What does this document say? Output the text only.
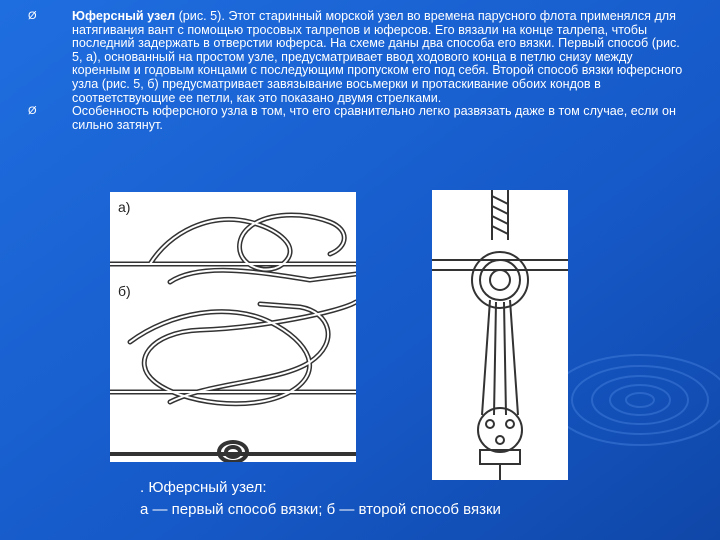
Ø	Юферсный узел (рис. 5). Этот старинный морской узел во времена парусного флота применялся для натягивания вант с помощью тросовых талрепов и юферсов. Его вязали на конце талрепа, чтобы последний задержать в отверстии юферса. На схеме даны два способа его вязки. Первый способ (рис. 5, а), основанный на простом узле, предусматривает ввод ходового конца в петлю снизу между коренным и годовым концами с последующим пропуском его под себя. Второй способ вязки юферсного узла (рис. 5, б) предусматривает завязывание восьмерки и протаскивание обоих кондов в соответствующие ее петли, как это показано двумя стрелками.

Ø	Особенность юферсного узла в том, что его сравнительно легко развязать даже в том случае, если он сильно затянут.

а)
б)
. Юферсный узел:
а — первый способ вязки; б — второй способ вязки
